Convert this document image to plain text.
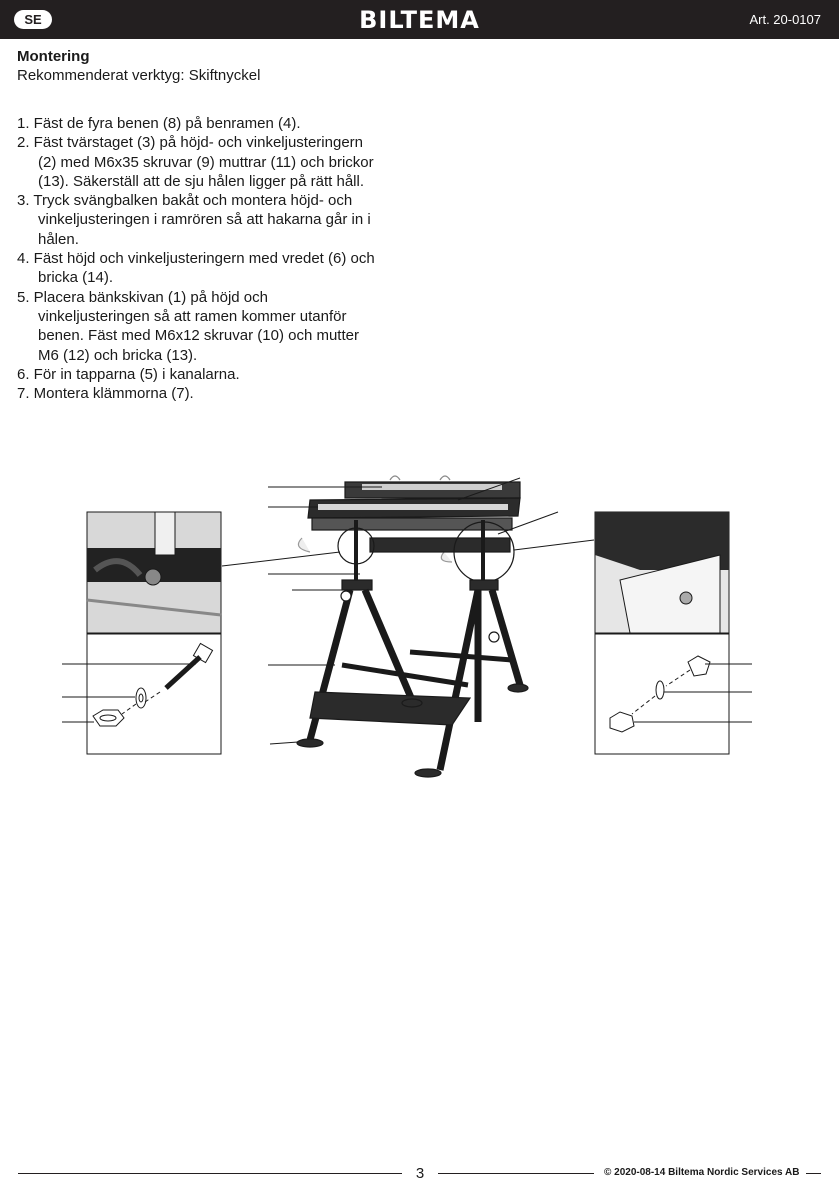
SE	BILTEMA	Art. 20-0107
Montering
Rekommenderat verktyg: Skiftnyckel
1. Fäst de fyra benen (8) på benramen (4).
2. Fäst tvärstaget (3) på höjd- och vinkeljusteringern (2) med M6x35 skruvar (9) muttrar (11) och brickor (13). Säkerställ att de sju hålen ligger på rätt håll.
3. Tryck svängbalken bakåt och montera höjd- och vinkeljusteringen i ramrören så att hakarna går in i hålen.
4. Fäst höjd och vinkeljusteringern med vredet (6) och bricka (14).
5. Placera bänkskivan (1) på höjd och vinkeljusteringen så att ramen kommer utanför benen. Fäst med M6x12 skruvar (10) och mutter M6 (12) och bricka (13).
6. För in tapparna (5) i kanalarna.
7. Montera klämmorna (7).
3	© 2020-08-14 Biltema Nordic Services AB
